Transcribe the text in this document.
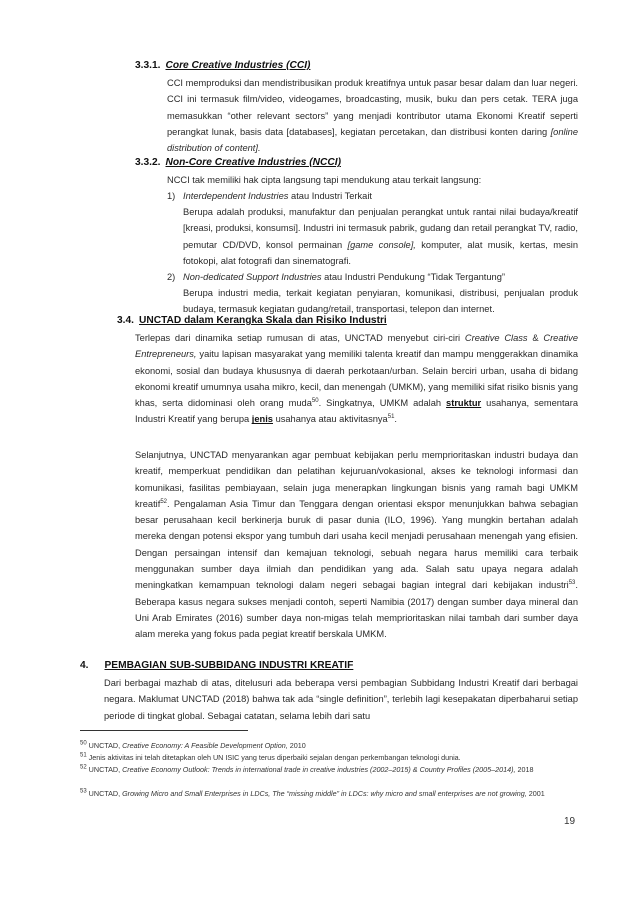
3.3.1. Core Creative Industries (CCI)
CCI memproduksi dan mendistribusikan produk kreatifnya untuk pasar besar dalam dan luar negeri. CCI ini termasuk film/video, videogames, broadcasting, musik, buku dan pers cetak. TERA juga memasukkan “other relevant sectors” yang menjadi kontributor utama Ekonomi Kreatif seperti perangkat lunak, basis data [databases], kegiatan percetakan, dan distribusi konten daring [online distribution of content].
3.3.2. Non-Core Creative Industries (NCCI)
NCCI tak memiliki hak cipta langsung tapi mendukung atau terkait langsung:
1) Interdependent Industries atau Industri Terkait
Berupa adalah produksi, manufaktur dan penjualan perangkat untuk rantai nilai budaya/kreatif [kreasi, produksi, konsumsi]. Industri ini termasuk pabrik, gudang dan retail perangkat TV, radio, pemutar CD/DVD, konsol permainan [game console], komputer, alat musik, kertas, mesin fotokopi, alat fotografi dan sinematografi.
2) Non-dedicated Support Industries atau Industri Pendukung “Tidak Tergantung”
Berupa industri media, terkait kegiatan penyiaran, komunikasi, distribusi, penjualan produk budaya, termasuk kegiatan gudang/retail, transportasi, telepon dan internet.
3.4. UNCTAD dalam Kerangka Skala dan Risiko Industri
Terlepas dari dinamika setiap rumusan di atas, UNCTAD menyebut ciri-ciri Creative Class & Creative Entrepreneurs, yaitu lapisan masyarakat yang memiliki talenta kreatif dan mampu menggerakkan dinamika ekonomi, sosial dan budaya khususnya di daerah perkotaan/urban. Selain berciri urban, usaha di bidang ekonomi kreatif umumnya usaha mikro, kecil, dan menengah (UMKM), yang memiliki sifat risiko bisnis yang khas, serta didominasi oleh orang muda$^{50}$. Singkatnya, UMKM adalah struktur usahanya, sementara Industri Kreatif yang berupa jenis usahanya atau aktivitasnya$^{51}$.
Selanjutnya, UNCTAD menyarankan agar pembuat kebijakan perlu memprioritaskan industri budaya dan kreatif, memperkuat pendidikan dan pelatihan kejuruan/vokasional, akses ke teknologi informasi dan komunikasi, fasilitas pembiayaan, selain juga menerapkan lingkungan bisnis yang ramah bagi UMKM kreatif$^{52}$. Pengalaman Asia Timur dan Tenggara dengan orientasi ekspor menunjukkan bahwa sebagian besar perusahaan kecil berkinerja buruk di pasar dunia (ILO, 1996). Yang mungkin bertahan adalah mereka dengan potensi ekspor yang tumbuh dari usaha kecil menjadi perusahaan menengah yang efisien. Dengan persaingan intensif dan kemajuan teknologi, sebuah negara harus memiliki cara terbaik menggunakan sumber daya ilmiah dan pendidikan yang ada. Salah satu upaya negara adalah meningkatkan kemampuan teknologi dalam negeri sebagai bagian integral dari kebijakan industri$^{53}$. Beberapa kasus negara sukses menjadi contoh, seperti Namibia (2017) dengan sumber daya mineral dan Uni Arab Emirates (2016) sumber daya non-migas telah memprioritaskan nilai tambah dari sumber daya alam mereka yang fokus pada pegiat kreatif berskala UMKM.
4. PEMBAGIAN SUB-SUBBIDANG INDUSTRI KREATIF
Dari berbagai mazhab di atas, ditelusuri ada beberapa versi pembagian Subbidang Industri Kreatif dari berbagai negara. Maklumat UNCTAD (2018) bahwa tak ada “single definition”, terlebih lagi kesepakatan diperbaharui setiap periode di tingkat global. Sebagai catatan, selama lebih dari satu
$^{50}$ UNCTAD, Creative Economy: A Feasible Development Option, 2010
$^{51}$ Jenis aktivitas ini telah ditetapkan oleh UN ISIC yang terus diperbaiki sejalan dengan perkembangan teknologi dunia.
$^{52}$ UNCTAD, Creative Economy Outlook: Trends in international trade in creative industries (2002–2015) & Country Profiles (2005–2014), 2018
$^{53}$ UNCTAD, Growing Micro and Small Enterprises in LDCs, The “missing middle” in LDCs: why micro and small enterprises are not growing, 2001
19
